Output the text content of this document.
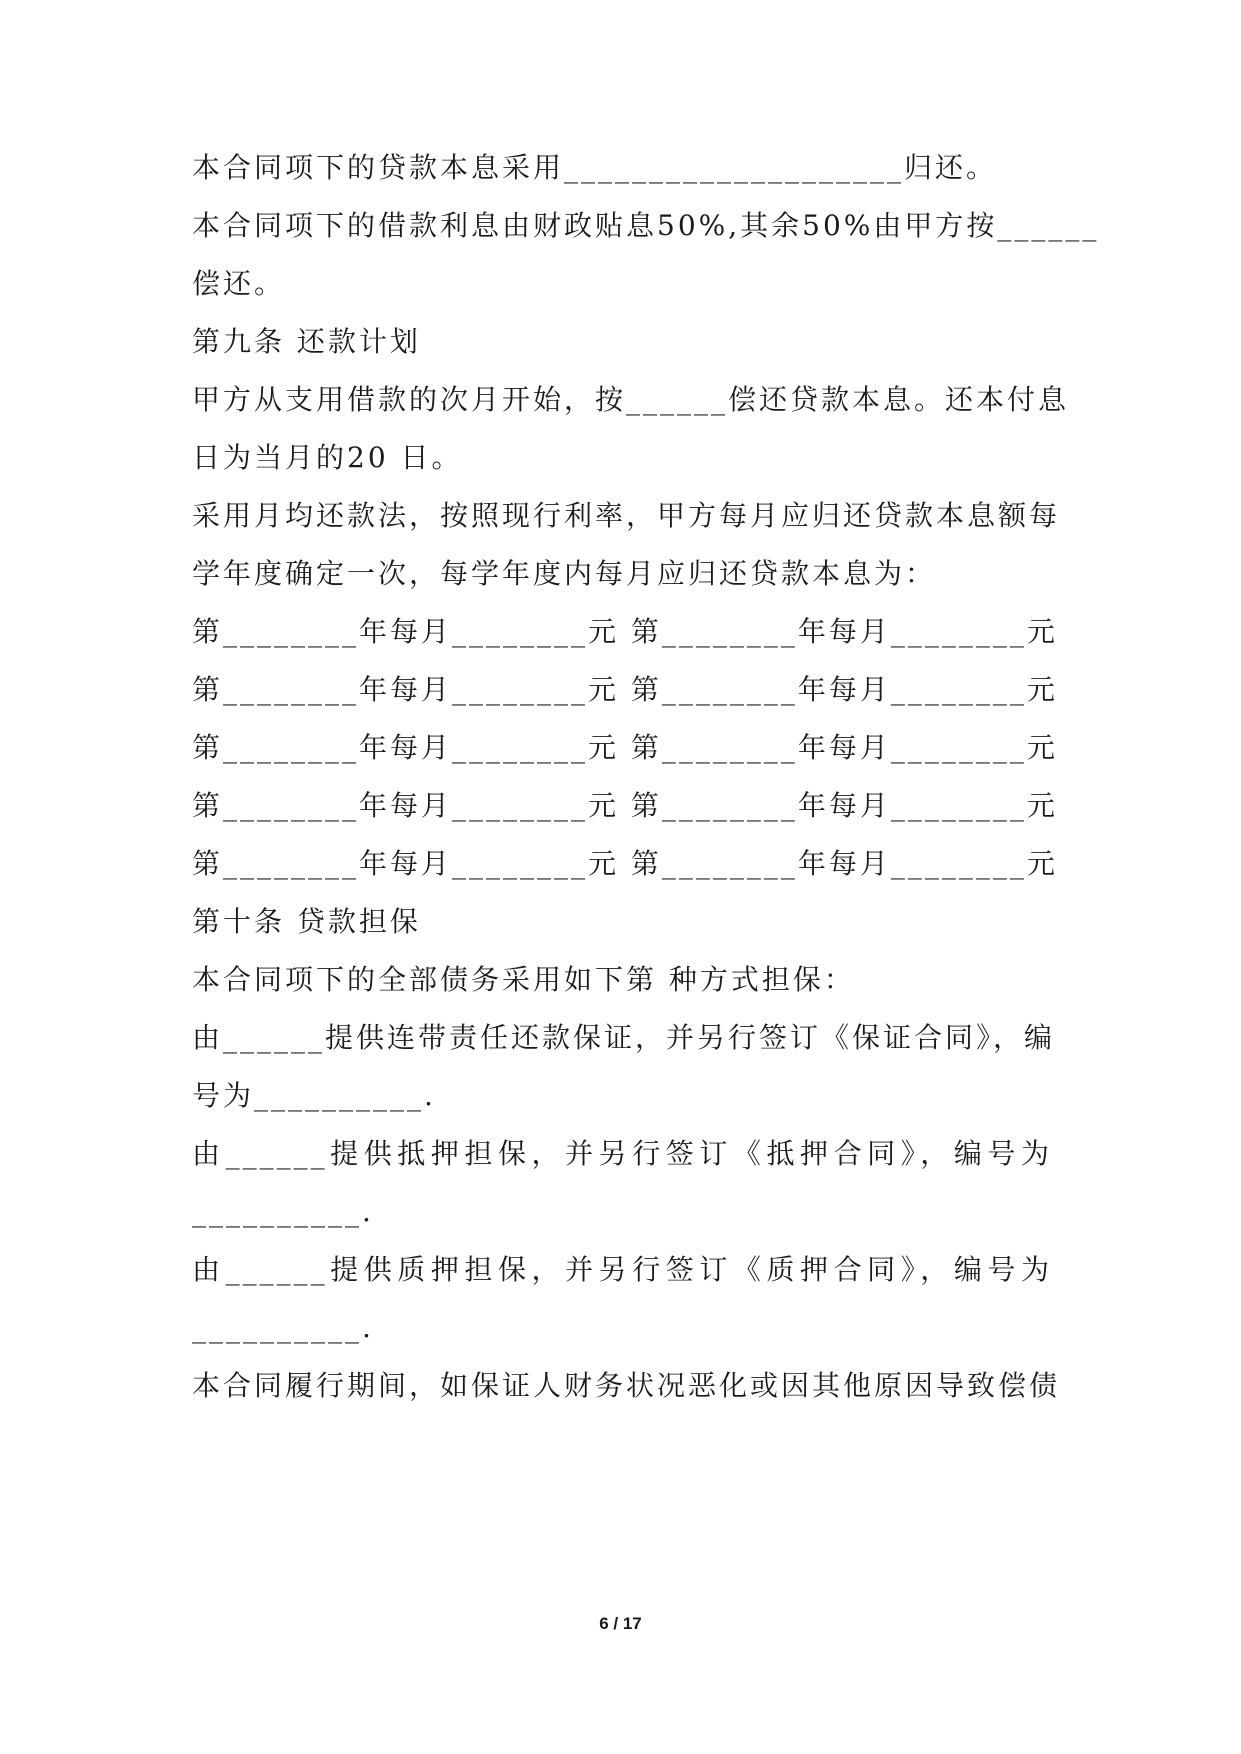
本合同项下的贷款本息采用____________________归还。
本合同项下的借款利息由财政贴息50%,其余50%由甲方按______
偿还。
第九条 还款计划
甲方从支用借款的次月开始，按______偿还贷款本息。还本付息
日为当月的20 日。
采用月均还款法，按照现行利率，甲方每月应归还贷款本息额每
学年度确定一次，每学年度内每月应归还贷款本息为：
第________年每月________元 第________年每月________元
第________年每月________元 第________年每月________元
第________年每月________元 第________年每月________元
第________年每月________元 第________年每月________元
第________年每月________元 第________年每月________元
第十条 贷款担保
本合同项下的全部债务采用如下第 种方式担保：
由______提供连带责任还款保证，并另行签订《保证合同》，编
号为__________.
由______提供抵押担保，并另行签订《抵押合同》，编号为
__________.
由______提供质押担保，并另行签订《质押合同》，编号为
__________.
本合同履行期间，如保证人财务状况恶化或因其他原因导致偿债
6 / 17
